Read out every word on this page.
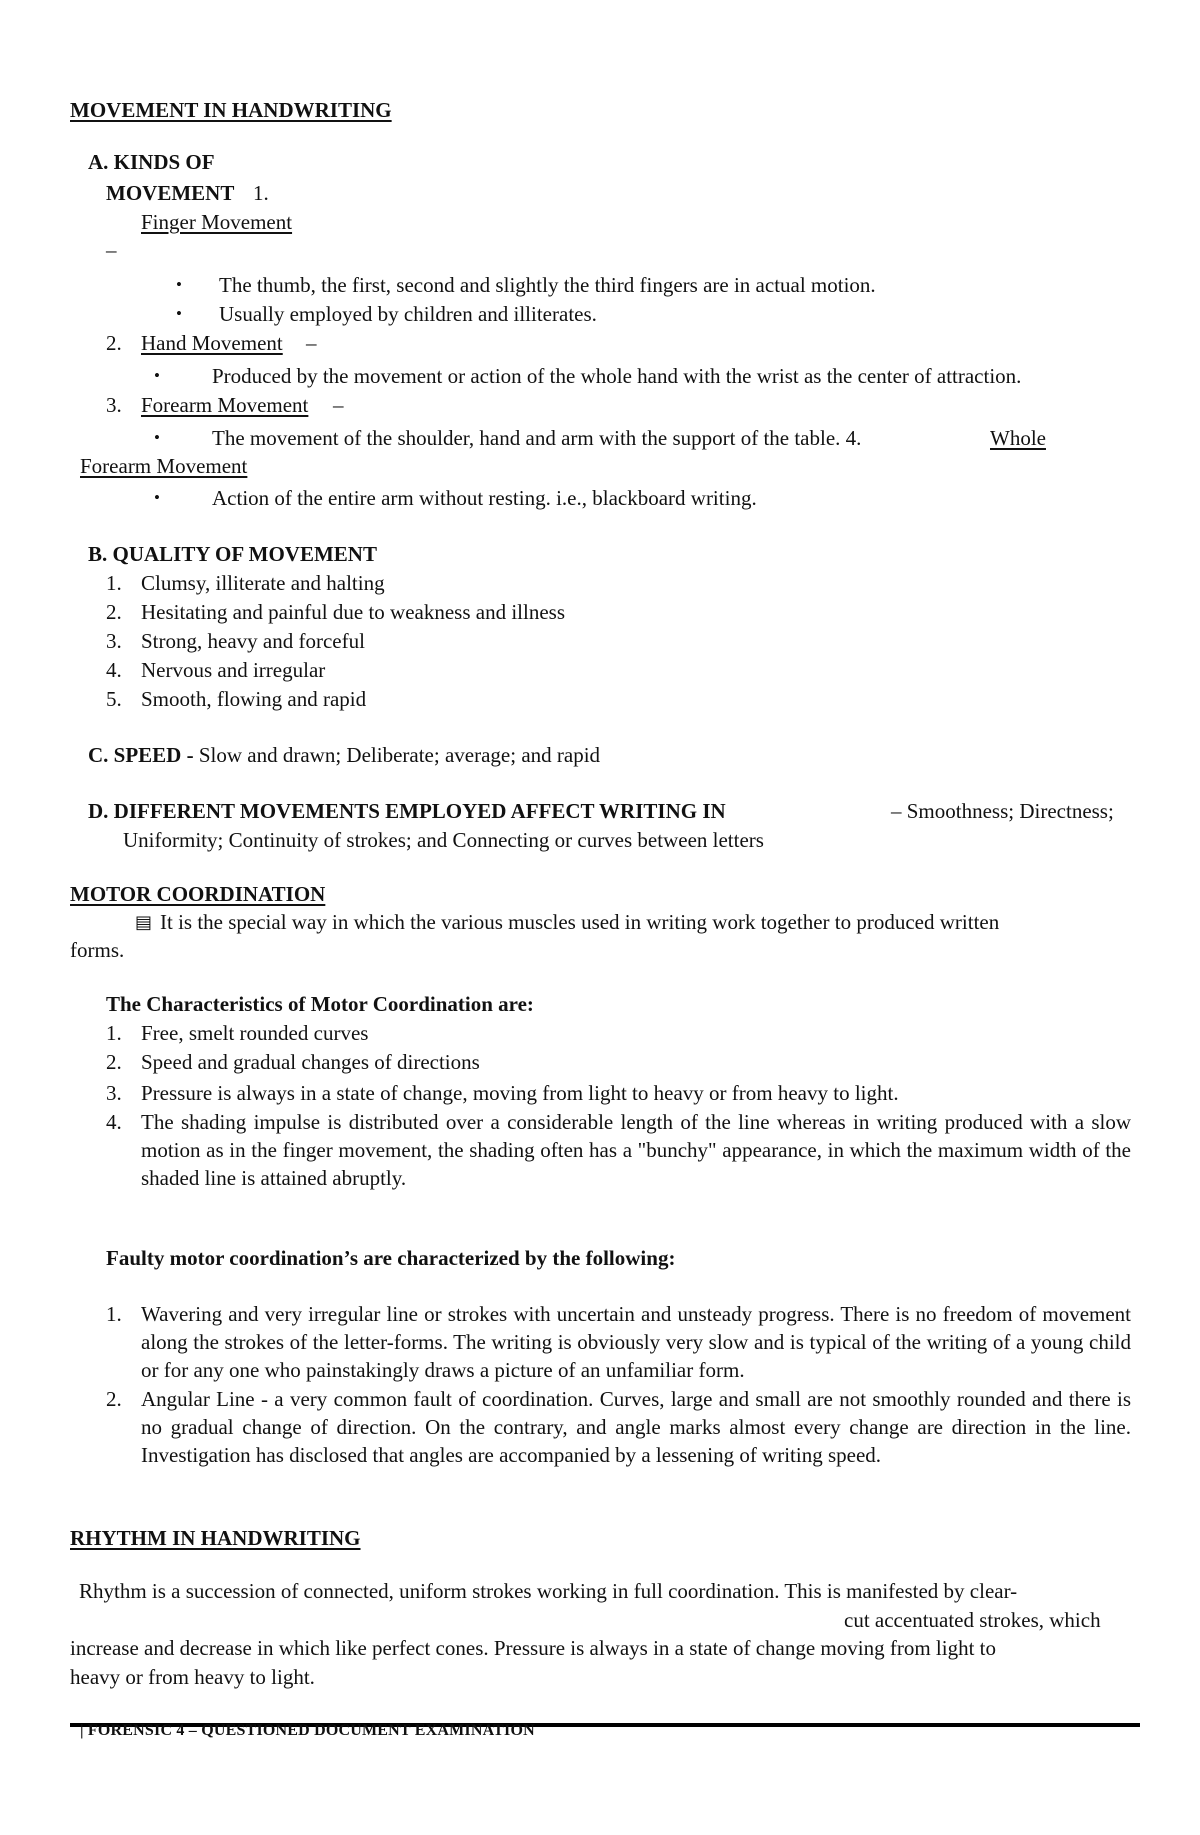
MOVEMENT IN HANDWRITING
A. KINDS OF
MOVEMENT 1.
Finger Movement
–
• The thumb, the first, second and slightly the third fingers are in actual motion.
• Usually employed by children and illiterates.
2. Hand Movement –
• Produced by the movement or action of the whole hand with the wrist as the center of attraction.
3. Forearm Movement –
• The movement of the shoulder, hand and arm with the support of the table. 4.	Whole
Forearm Movement
• Action of the entire arm without resting. i.e., blackboard writing.
B. QUALITY OF MOVEMENT
1. Clumsy, illiterate and halting
2. Hesitating and painful due to weakness and illness
3. Strong, heavy and forceful
4. Nervous and irregular
5. Smooth, flowing and rapid
C. SPEED - Slow and drawn; Deliberate; average; and rapid
D. DIFFERENT MOVEMENTS EMPLOYED AFFECT WRITING IN	– Smoothness; Directness;
Uniformity; Continuity of strokes; and Connecting or curves between letters
MOTOR COORDINATION
▤ It is the special way in which the various muscles used in writing work together to produced written
forms.
The Characteristics of Motor Coordination are:
1. Free, smelt rounded curves
2. Speed and gradual changes of directions
3. Pressure is always in a state of change, moving from light to heavy or from heavy to light.
4. The shading impulse is distributed over a considerable length of the line whereas in writing produced with a slow motion as in the finger movement, the shading often has a "bunchy" appearance, in which the maximum width of the shaded line is attained abruptly.
Faulty motor coordination’s are characterized by the following:
1. Wavering and very irregular line or strokes with uncertain and unsteady progress. There is no freedom of movement along the strokes of the letter-forms. The writing is obviously very slow and is typical of the writing of a young child or for any one who painstakingly draws a picture of an unfamiliar form.
2. Angular Line - a very common fault of coordination. Curves, large and small are not smoothly rounded and there is no gradual change of direction. On the contrary, and angle marks almost every change are direction in the line. Investigation has disclosed that angles are accompanied by a lessening of writing speed.
RHYTHM IN HANDWRITING
Rhythm is a succession of connected, uniform strokes working in full coordination. This is manifested by clear-
cut accentuated strokes, which
increase and decrease in which like perfect cones. Pressure is always in a state of change moving from light to
heavy or from heavy to light.
| FORENSIC 4 – QUESTIONED DOCUMENT EXAMINATION
